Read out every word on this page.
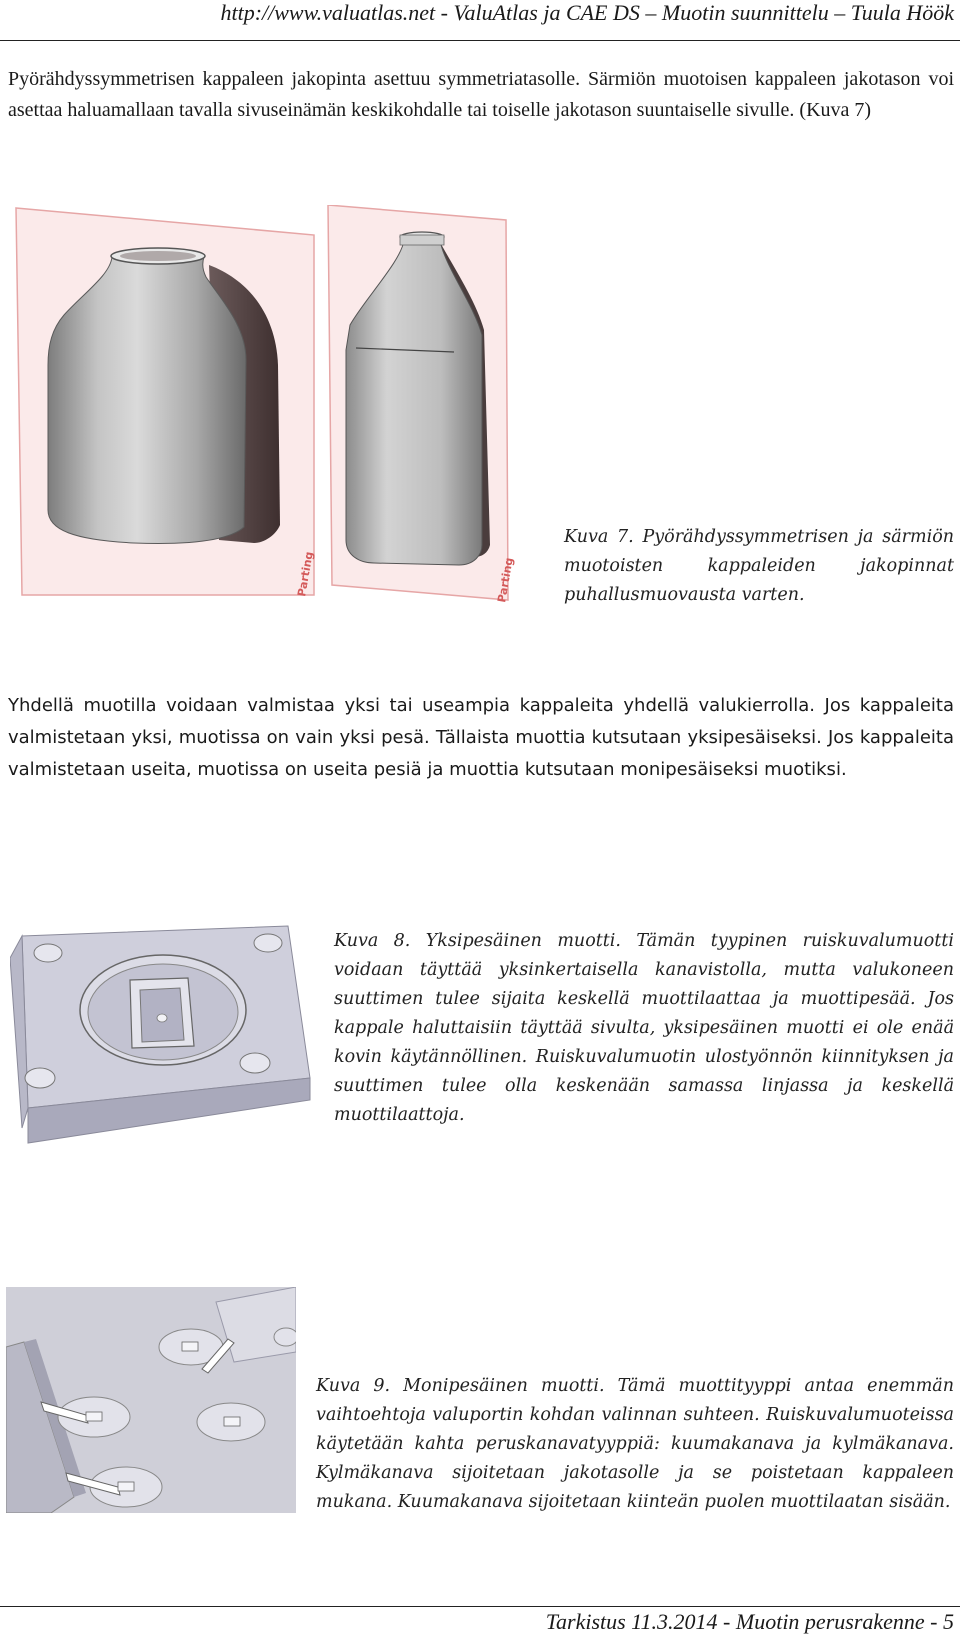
http://www.valuatlas.net - ValuAtlas ja CAE DS – Muotin suunnittelu – Tuula Höök

Pyörähdyssymmetrisen kappaleen jakopinta asettuu symmetriatasolle. Särmiön muotoisen kappaleen jakotason voi asettaa haluamallaan tavalla sivuseinämän keskikohdalle tai toiselle jakotason suuntaiselle sivulle. (Kuva 7)

Parting	Parting

Kuva 7. Pyörähdyssymmetrisen ja särmiön muotoisten kappaleiden jakopinnat puhallusmuovausta varten.

Yhdellä muotilla voidaan valmistaa yksi tai useampia kappaleita yhdellä valukierrolla. Jos kappaleita valmistetaan yksi, muotissa on vain yksi pesä. Tällaista muottia kutsutaan yksipesäiseksi. Jos kappaleita valmistetaan useita, muotissa on useita pesiä ja muottia kutsutaan monipesäiseksi muotiksi.

Kuva 8. Yksipesäinen muotti. Tämän tyypinen ruiskuvalumuotti voidaan täyttää yksinkertaisella kanavistolla, mutta valukoneen suuttimen tulee sijaita keskellä muottilaattaa ja muottipesää. Jos kappale haluttaisiin täyttää sivulta, yksipesäinen muotti ei ole enää kovin käytännöllinen. Ruiskuvalumuotin ulostyönnön kiinnityksen ja suuttimen tulee olla keskenään samassa linjassa ja keskellä muottilaattoja.

Kuva 9. Monipesäinen muotti. Tämä muottityyppi antaa enemmän vaihtoehtoja valuportin kohdan valinnan suhteen. Ruiskuvalumuoteissa käytetään kahta peruskanavatyyppiä: kuumakanava ja kylmäkanava. Kylmäkanava sijoitetaan jakotasolle ja se poistetaan kappaleen mukana. Kuumakanava sijoitetaan kiinteän puolen muottilaatan sisään.

Tarkistus 11.3.2014 - Muotin perusrakenne - 5
